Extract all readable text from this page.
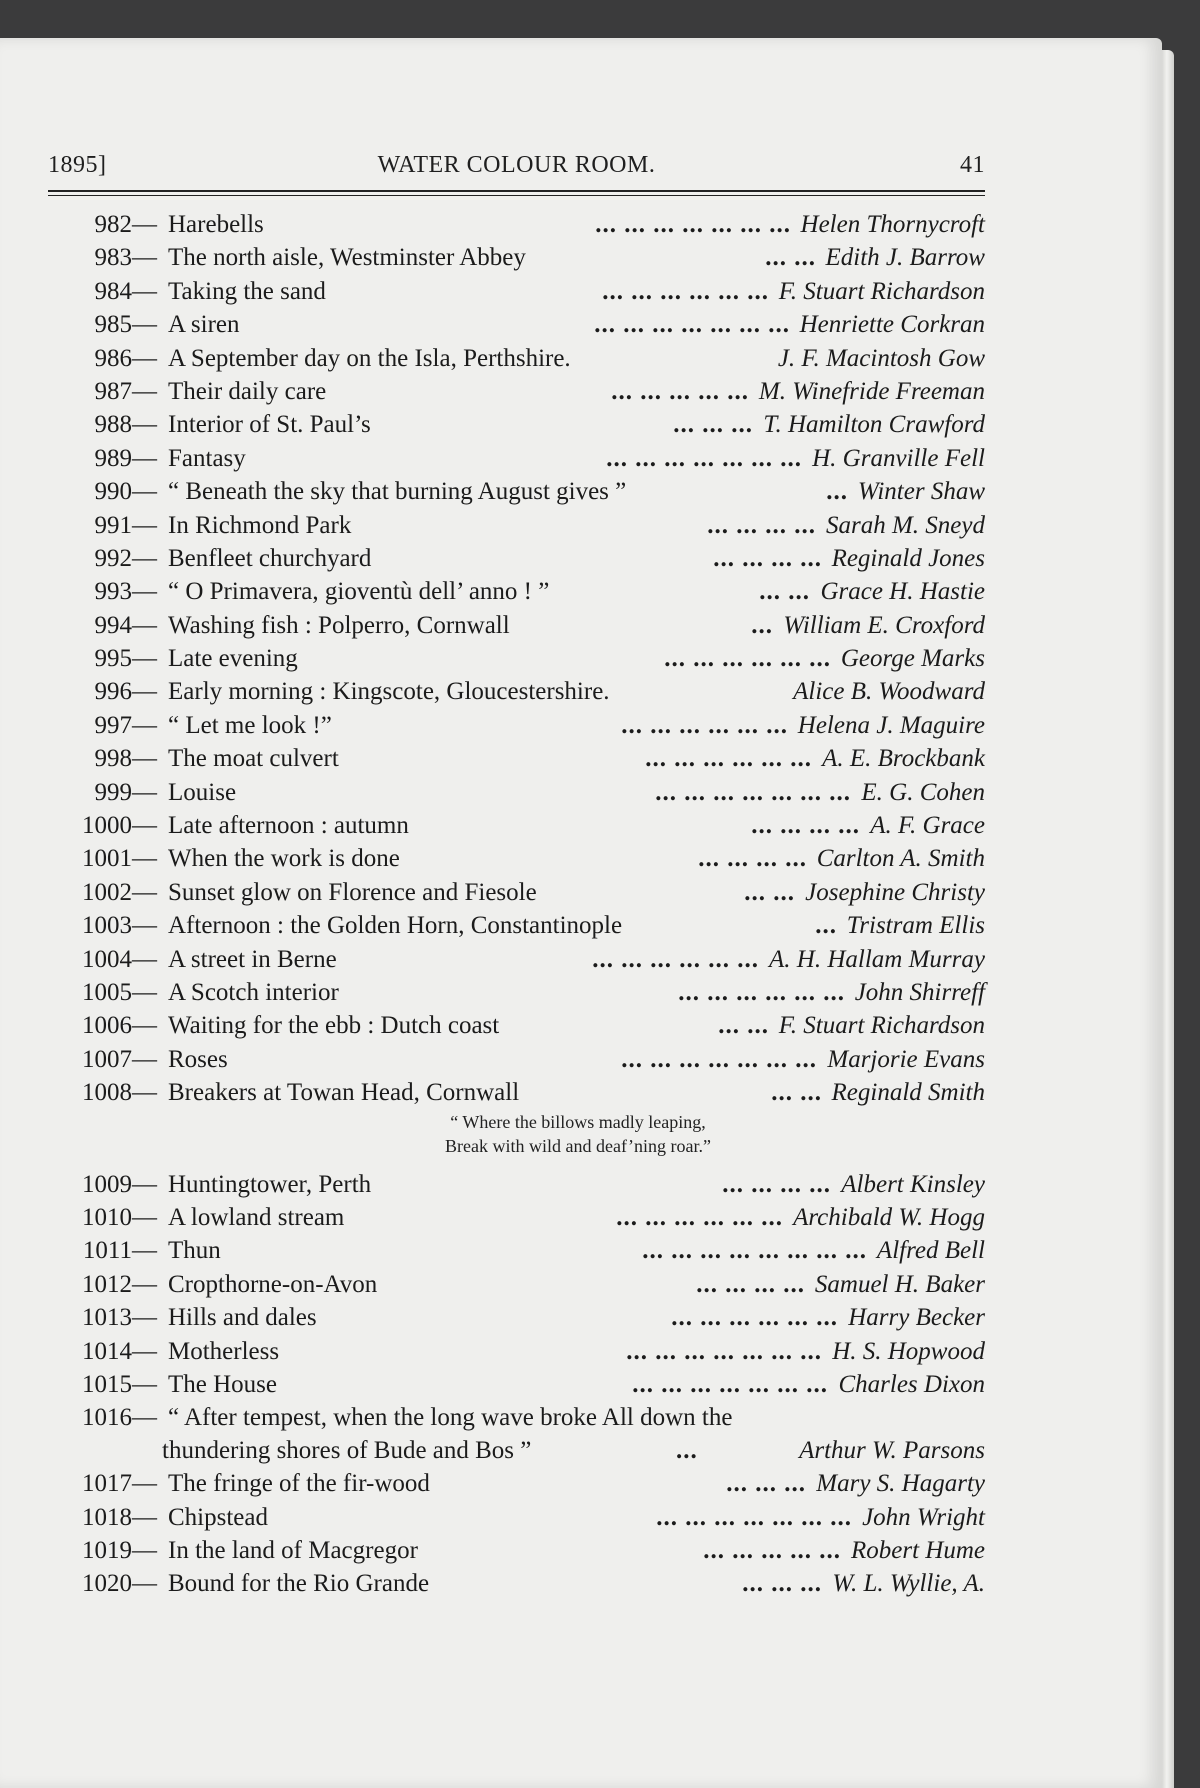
1895]	WATER COLOUR ROOM.	41
982 — Harebells	... ... ... ... ... ... ... Helen Thornycroft
983 — The north aisle, Westminster Abbey	... ... Edith J. Barrow
984 — Taking the sand	... ... ... ... ... ... F. Stuart Richardson
985 — A siren	... ... ... ... ... ... ... Henriette Corkran
986 — A September day on the Isla, Perthshire.	J. F. Macintosh Gow
987 — Their daily care	... ... ... ... ... M. Winefride Freeman
988 — Interior of St. Paul’s	... ... ... T. Hamilton Crawford
989 — Fantasy	... ... ... ... ... ... ... H. Granville Fell
990 — “ Beneath the sky that burning August gives ”	... Winter Shaw
991 — In Richmond Park	... ... ... ... Sarah M. Sneyd
992 — Benfleet churchyard	... ... ... ... Reginald Jones
993 — “ O Primavera, gioventù dell’ anno ! ”	... ... Grace H. Hastie
994 — Washing fish : Polperro, Cornwall	... William E. Croxford
995 — Late evening	... ... ... ... ... ... George Marks
996 — Early morning : Kingscote, Gloucestershire.	Alice B. Woodward
997 — “ Let me look !”	... ... ... ... ... ... Helena J. Maguire
998 — The moat culvert	... ... ... ... ... ... A. E. Brockbank
999 — Louise	... ... ... ... ... ... ... E. G. Cohen
1000 — Late afternoon : autumn	... ... ... ... A. F. Grace
1001 — When the work is done	... ... ... ... Carlton A. Smith
1002 — Sunset glow on Florence and Fiesole	... ... Josephine Christy
1003 — Afternoon : the Golden Horn, Constantinople	... Tristram Ellis
1004 — A street in Berne	... ... ... ... ... ... A. H. Hallam Murray
1005 — A Scotch interior	... ... ... ... ... ... John Shirreff
1006 — Waiting for the ebb : Dutch coast	... ... F. Stuart Richardson
1007 — Roses	... ... ... ... ... ... ... Marjorie Evans
1008 — Breakers at Towan Head, Cornwall	... ... Reginald Smith
“ Where the billows madly leaping,
Break with wild and deaf’ning roar.”
1009 — Huntingtower, Perth	... ... ... ... Albert Kinsley
1010 — A lowland stream	... ... ... ... ... ... Archibald W. Hogg
1011 — Thun	... ... ... ... ... ... ... ... Alfred Bell
1012 — Cropthorne-on-Avon	... ... ... ... Samuel H. Baker
1013 — Hills and dales	... ... ... ... ... ... Harry Becker
1014 — Motherless	... ... ... ... ... ... ... H. S. Hopwood
1015 — The House	... ... ... ... ... ... ... Charles Dixon
1016 — “ After tempest, when the long wave broke All down the
thundering shores of Bude and Bos ”	...	Arthur W. Parsons
1017 — The fringe of the fir-wood	... ... ... Mary S. Hagarty
1018 — Chipstead	... ... ... ... ... ... ... John Wright
1019 — In the land of Macgregor	... ... ... ... ... Robert Hume
1020 — Bound for the Rio Grande	... ... ... W. L. Wyllie, A.
